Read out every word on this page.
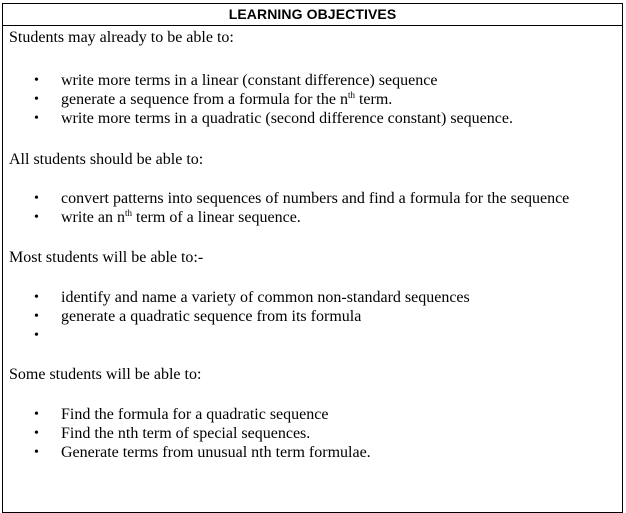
LEARNING OBJECTIVES

Students may already to be able to:

• write more terms in a linear (constant difference) sequence
• generate a sequence from a formula for the $n^{th}$ term.
• write more terms in a quadratic (second difference constant) sequence.

All students should be able to:

• convert patterns into sequences of numbers and find a formula for the sequence
• write an $n^{th}$ term of a linear sequence.

Most students will be able to:-

• identify and name a variety of common non-standard sequences
• generate a quadratic sequence from its formula
•

Some students will be able to:

• Find the formula for a quadratic sequence
• Find the nth term of special sequences.
• Generate terms from unusual nth term formulae.
